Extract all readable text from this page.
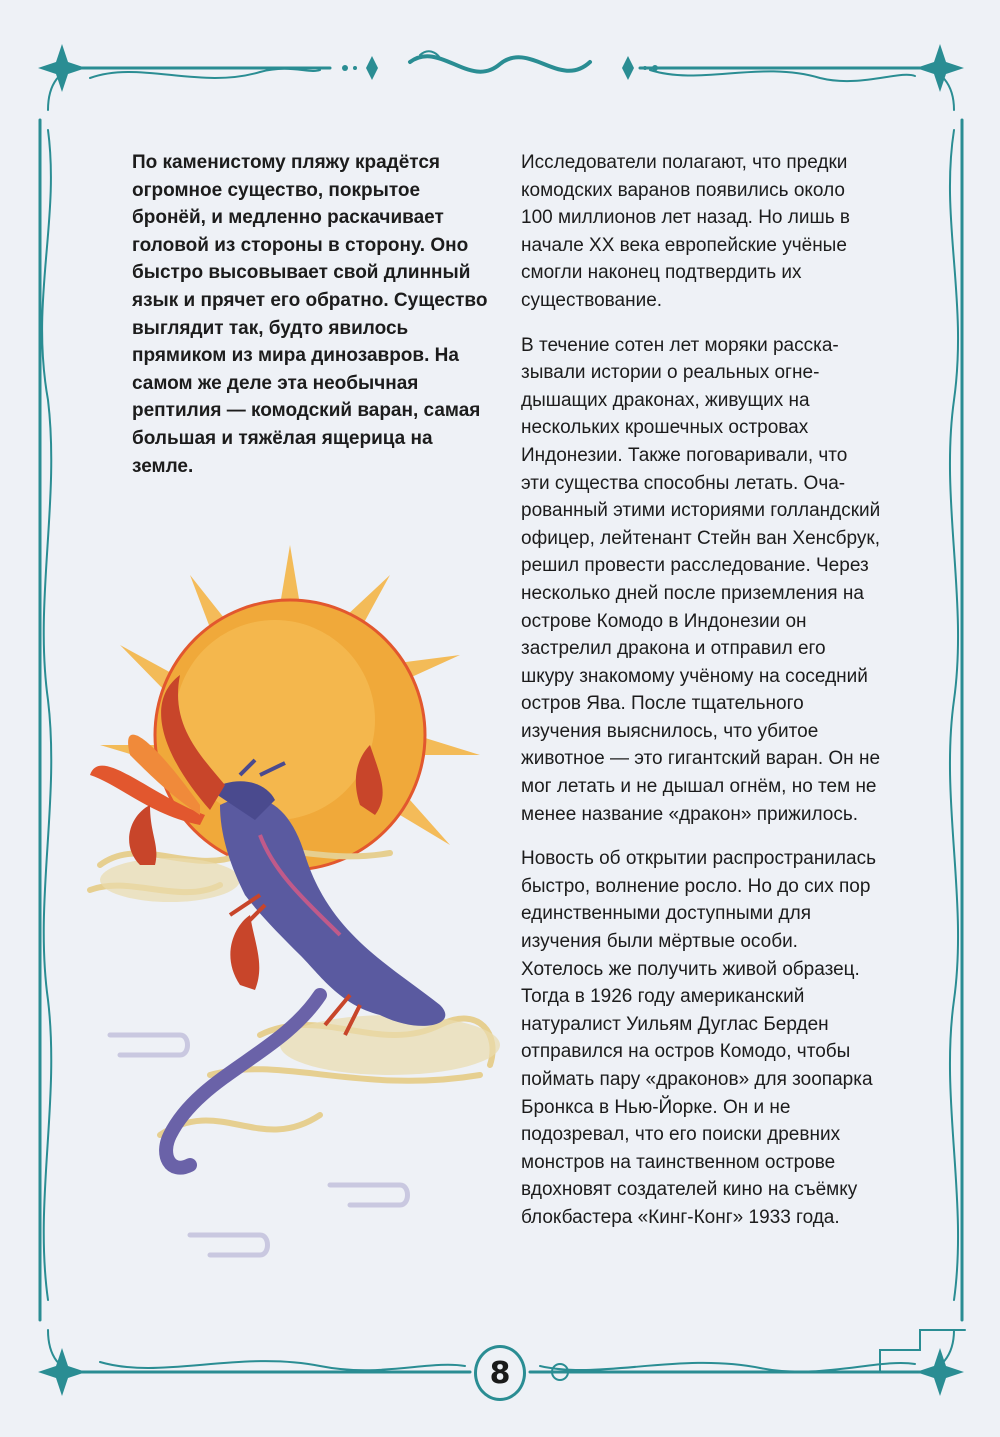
По каменистому пляжу крадётся огромное существо, покрытое бронёй, и медленно раскачивает головой из стороны в сторону. Оно быстро высовывает свой длинный язык и прячет его обратно. Существо выглядит так, будто явилось прямиком из мира динозавров. На самом же деле эта необычная рептилия — комодский варан, самая большая и тяжёлая ящерица на земле.

Исследователи полагают, что предки комодских варанов появились около 100 миллионов лет назад. Но лишь в начале XX века европейские учёные смогли наконец подтвердить их существование.

В течение сотен лет моряки рассказывали истории о реальных огнедышащих драконах, живущих на нескольких крошечных островах Индонезии. Также поговаривали, что эти существа способны летать. Очарованный этими историями голландский офицер, лейтенант Стейн ван Хенсбрук, решил провести расследование. Через несколько дней после приземления на острове Комодо в Индонезии он застрелил дракона и отправил его шкуру знакомому учёному на соседний остров Ява. После тщательного изучения выяснилось, что убитое животное — это гигантский варан. Он не мог летать и не дышал огнём, но тем не менее название «дракон» прижилось.

Новость об открытии распространилась быстро, волнение росло. Но до сих пор единственными доступными для изучения были мёртвые особи. Хотелось же получить живой образец. Тогда в 1926 году американский натуралист Уильям Дуглас Берден отправился на остров Комодо, чтобы поймать пару «драконов» для зоопарка Бронкса в Нью-Йорке. Он и не подозревал, что его поиски древних монстров на таинственном острове вдохновят создателей кино на съёмку блокбастера «Кинг-Конг» 1933 года.

8
